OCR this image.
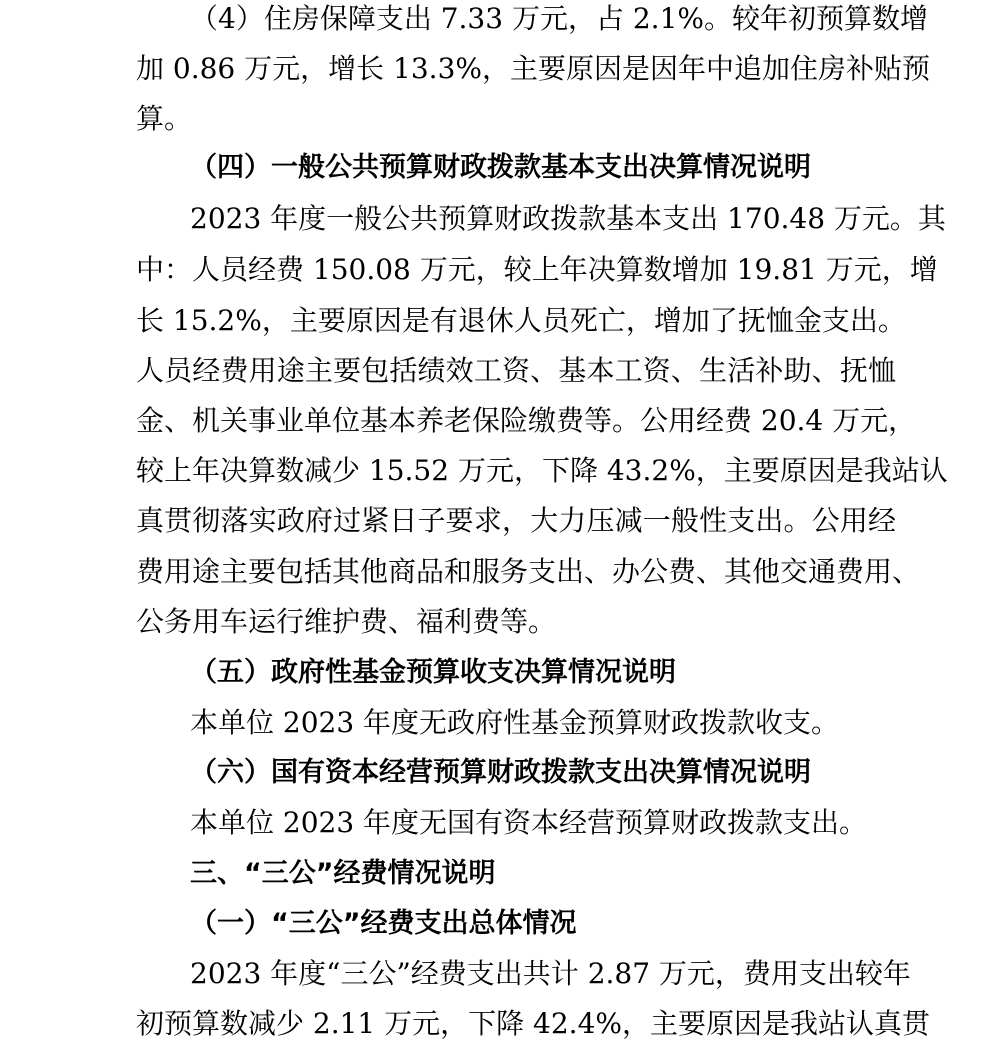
（4）住房保障支出 7.33 万元，占 2.1%。较年初预算数增
加 0.86 万元，增长 13.3%，主要原因是因年中追加住房补贴预
算。
（四）一般公共预算财政拨款基本支出决算情况说明
2023 年度一般公共预算财政拨款基本支出 170.48 万元。其
中：人员经费 150.08 万元，较上年决算数增加 19.81 万元，增
长 15.2%，主要原因是有退休人员死亡，增加了抚恤金支出。
人员经费用途主要包括绩效工资、基本工资、生活补助、抚恤
金、机关事业单位基本养老保险缴费等。公用经费 20.4 万元，
较上年决算数减少 15.52 万元，下降 43.2%，主要原因是我站认
真贯彻落实政府过紧日子要求，大力压减一般性支出。公用经
费用途主要包括其他商品和服务支出、办公费、其他交通费用、
公务用车运行维护费、福利费等。
（五）政府性基金预算收支决算情况说明
本单位 2023 年度无政府性基金预算财政拨款收支。
（六）国有资本经营预算财政拨款支出决算情况说明
本单位 2023 年度无国有资本经营预算财政拨款支出。
三、“三公”经费情况说明
（一）“三公”经费支出总体情况
2023 年度“三公”经费支出共计 2.87 万元，费用支出较年
初预算数减少 2.11 万元，下降 42.4%，主要原因是我站认真贯
